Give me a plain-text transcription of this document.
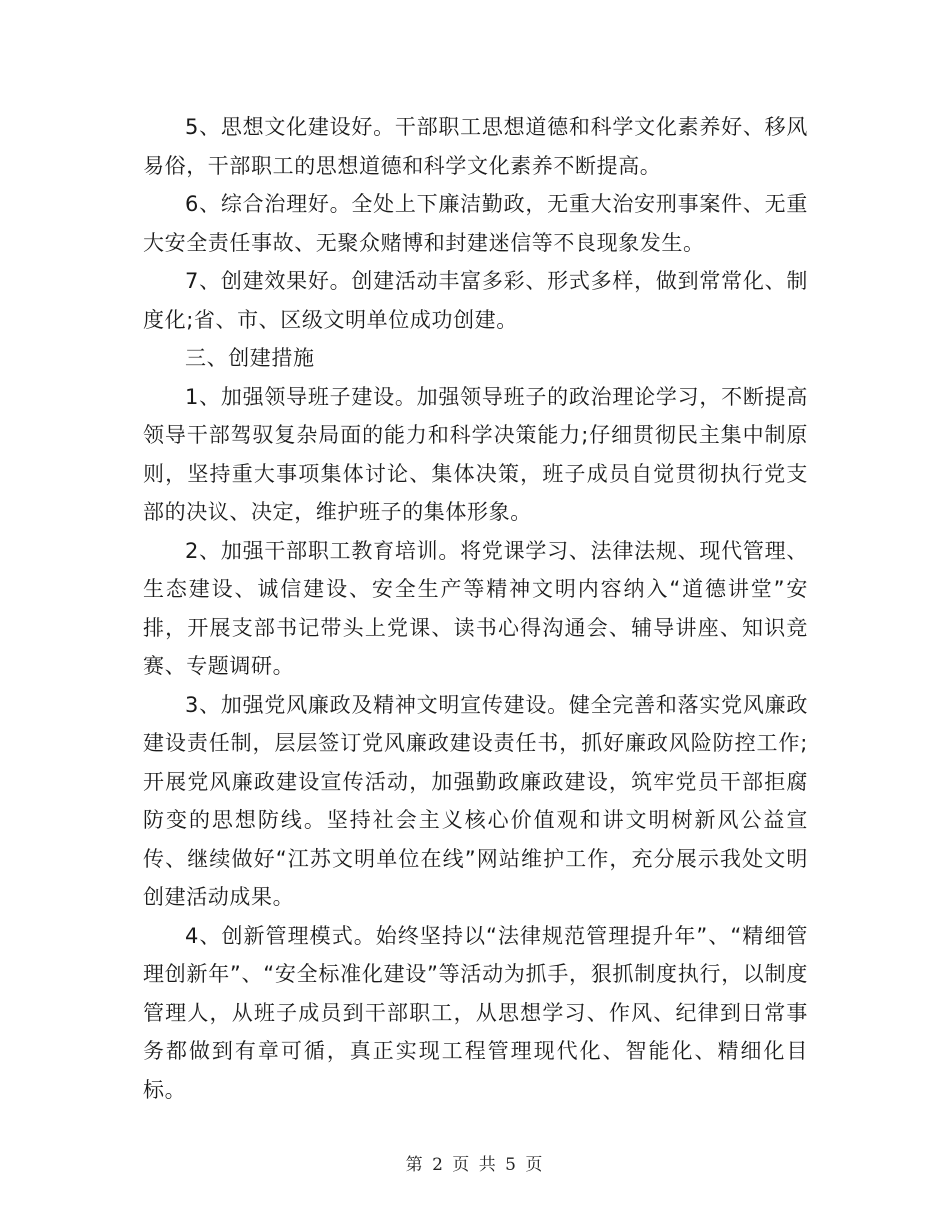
5、思想文化建设好。干部职工思想道德和科学文化素养好、移风易俗，干部职工的思想道德和科学文化素养不断提高。

6、综合治理好。全处上下廉洁勤政，无重大治安刑事案件、无重大安全责任事故、无聚众赌博和封建迷信等不良现象发生。

7、创建效果好。创建活动丰富多彩、形式多样，做到常常化、制度化;省、市、区级文明单位成功创建。

三、创建措施

1、加强领导班子建设。加强领导班子的政治理论学习，不断提高领导干部驾驭复杂局面的能力和科学决策能力;仔细贯彻民主集中制原则，坚持重大事项集体讨论、集体决策，班子成员自觉贯彻执行党支部的决议、决定，维护班子的集体形象。

2、加强干部职工教育培训。将党课学习、法律法规、现代管理、生态建设、诚信建设、安全生产等精神文明内容纳入“道德讲堂”安排，开展支部书记带头上党课、读书心得沟通会、辅导讲座、知识竞赛、专题调研。

3、加强党风廉政及精神文明宣传建设。健全完善和落实党风廉政建设责任制，层层签订党风廉政建设责任书，抓好廉政风险防控工作;开展党风廉政建设宣传活动，加强勤政廉政建设，筑牢党员干部拒腐防变的思想防线。坚持社会主义核心价值观和讲文明树新风公益宣传、继续做好“江苏文明单位在线”网站维护工作，充分展示我处文明创建活动成果。

4、创新管理模式。始终坚持以“法律规范管理提升年”、“精细管理创新年”、“安全标准化建设”等活动为抓手，狠抓制度执行，以制度管理人，从班子成员到干部职工，从思想学习、作风、纪律到日常事务都做到有章可循，真正实现工程管理现代化、智能化、精细化目标。

第 2 页 共 5 页
